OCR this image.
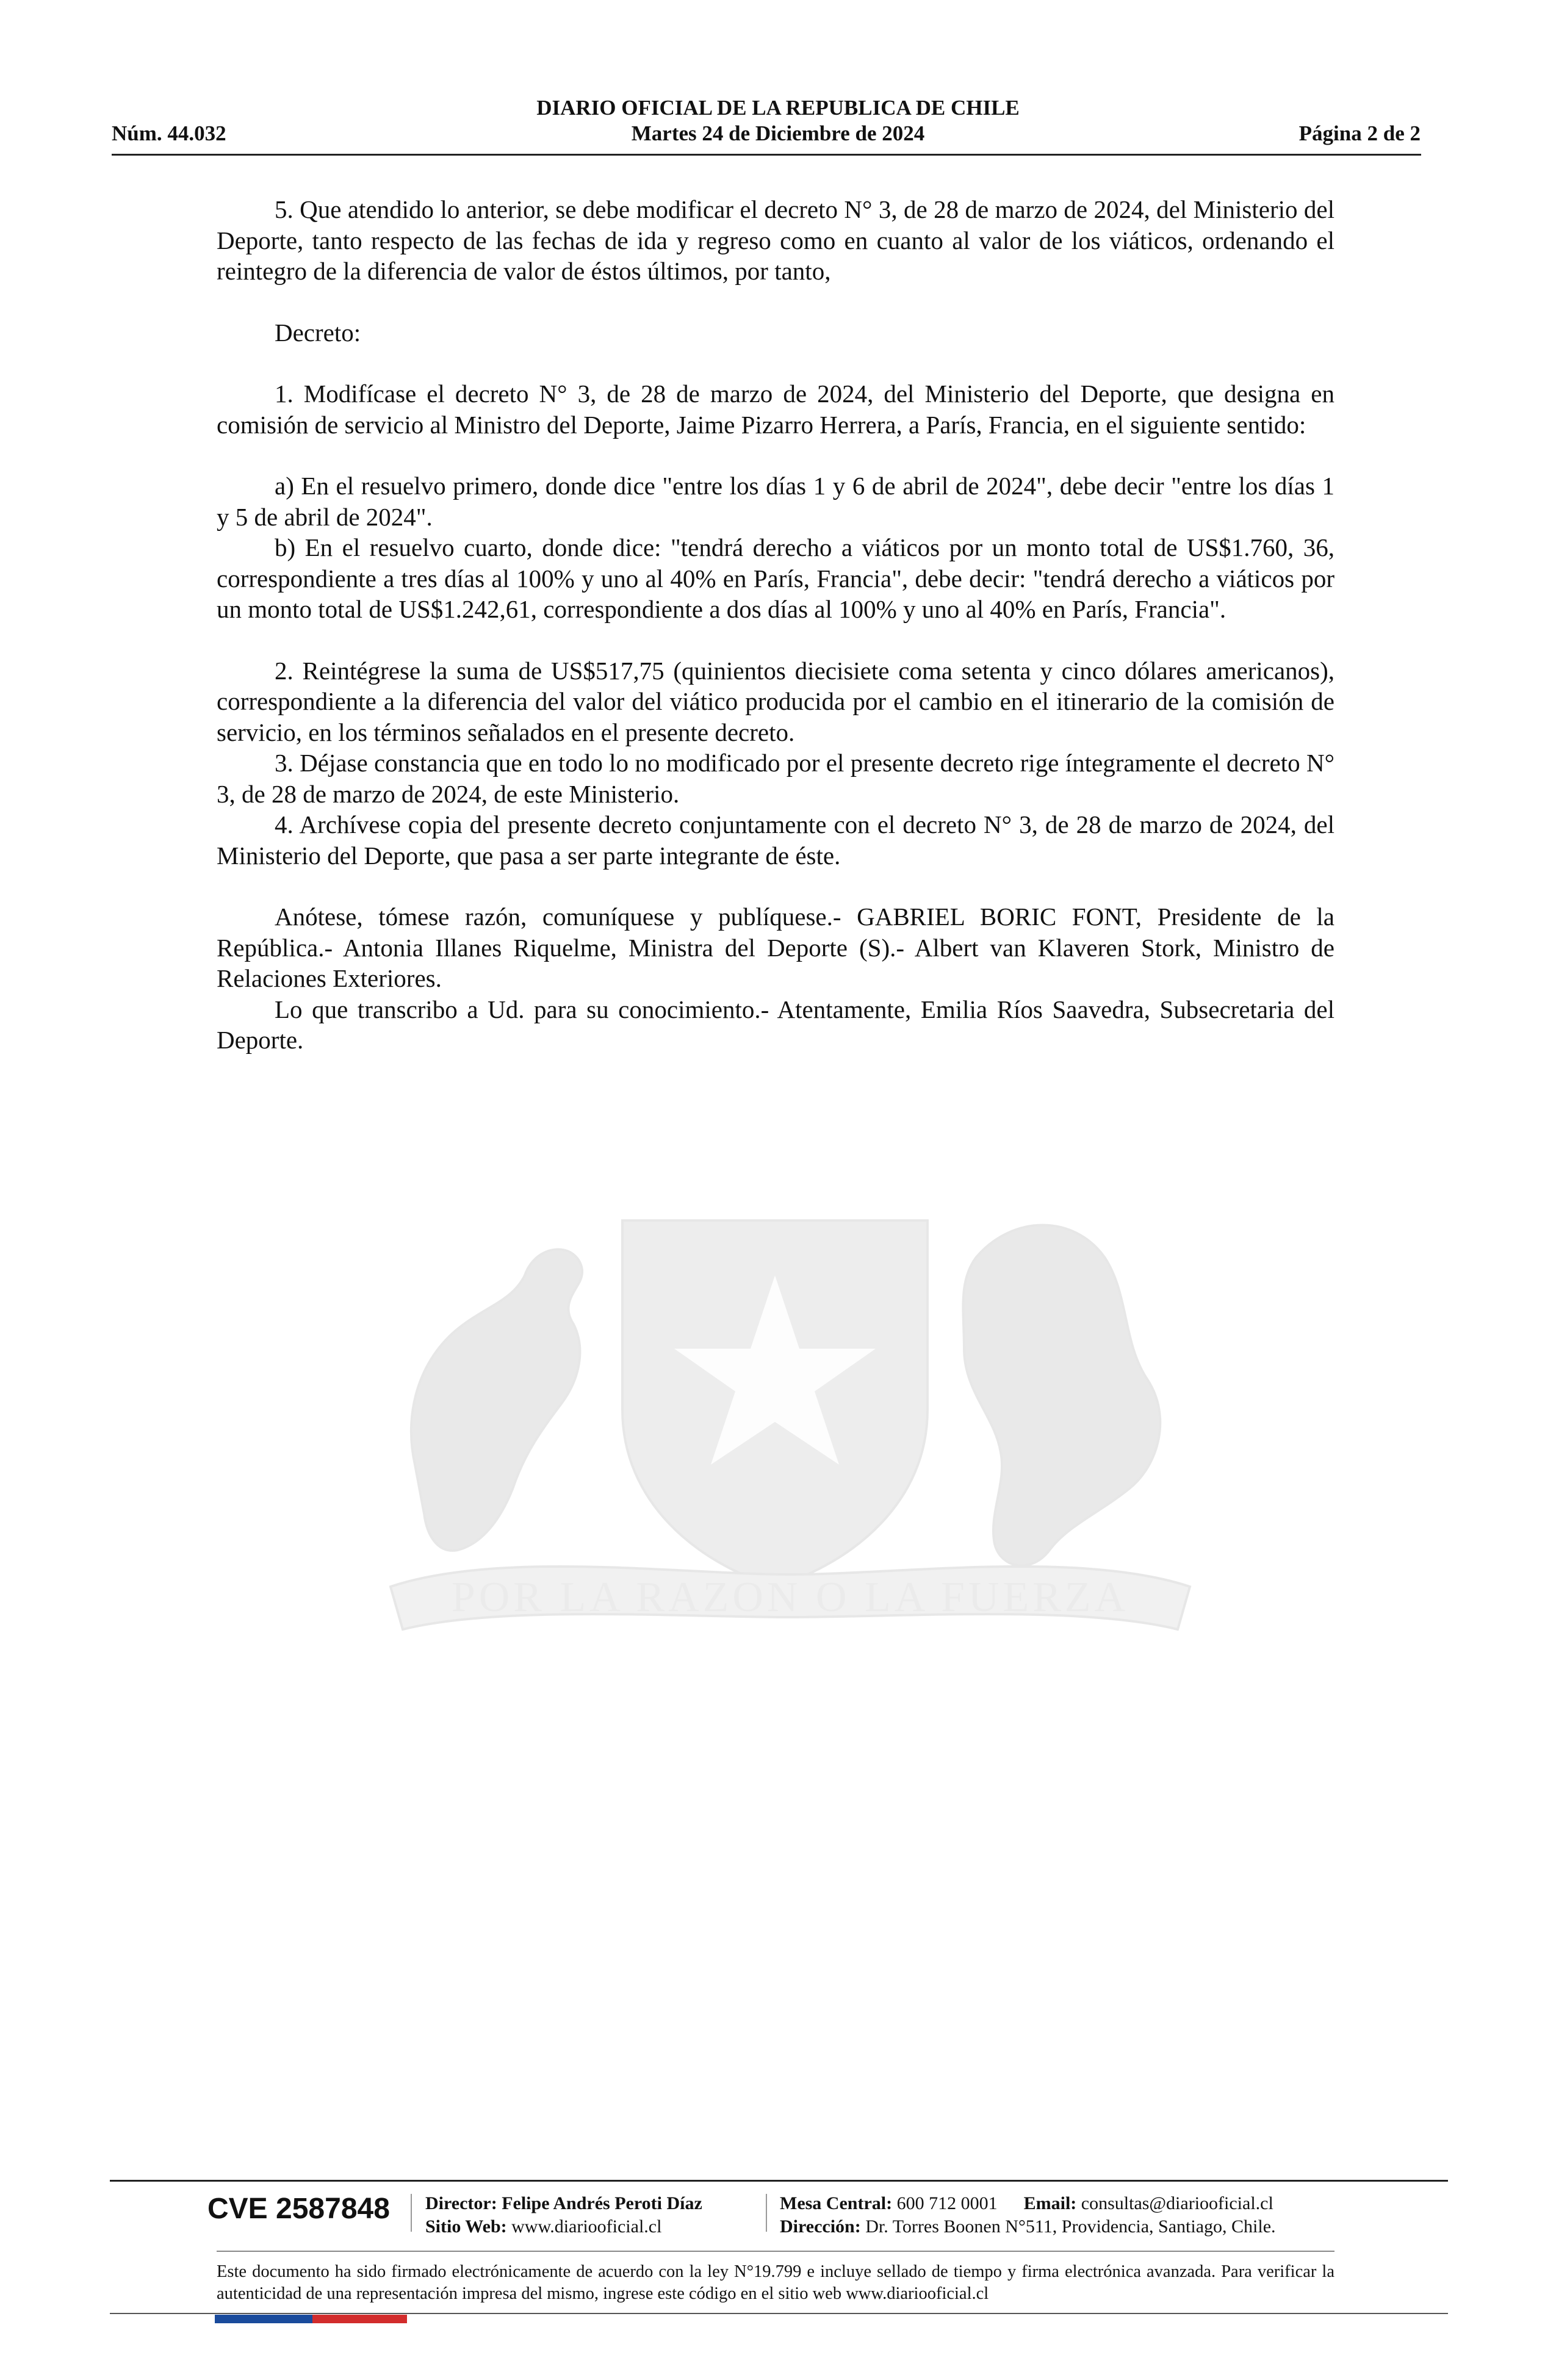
DIARIO OFICIAL DE LA REPUBLICA DE CHILE
Núm. 44.032	Martes 24 de Diciembre de 2024	Página 2 de 2
POR LA RAZON O LA FUERZA

5. Que atendido lo anterior, se debe modificar el decreto N° 3, de 28 de marzo de 2024, del Ministerio del Deporte, tanto respecto de las fechas de ida y regreso como en cuanto al valor de los viáticos, ordenando el reintegro de la diferencia de valor de éstos últimos, por tanto,

Decreto:

1. Modifícase el decreto N° 3, de 28 de marzo de 2024, del Ministerio del Deporte, que designa en comisión de servicio al Ministro del Deporte, Jaime Pizarro Herrera, a París, Francia, en el siguiente sentido:

a) En el resuelvo primero, donde dice "entre los días 1 y 6 de abril de 2024", debe decir "entre los días 1 y 5 de abril de 2024".

b) En el resuelvo cuarto, donde dice: "tendrá derecho a viáticos por un monto total de US$1.760, 36, correspondiente a tres días al 100% y uno al 40% en París, Francia", debe decir: "tendrá derecho a viáticos por un monto total de US$1.242,61, correspondiente a dos días al 100% y uno al 40% en París, Francia".

2. Reintégrese la suma de US$517,75 (quinientos diecisiete coma setenta y cinco dólares americanos), correspondiente a la diferencia del valor del viático producida por el cambio en el itinerario de la comisión de servicio, en los términos señalados en el presente decreto.

3. Déjase constancia que en todo lo no modificado por el presente decreto rige íntegramente el decreto N° 3, de 28 de marzo de 2024, de este Ministerio.

4. Archívese copia del presente decreto conjuntamente con el decreto N° 3, de 28 de marzo de 2024, del Ministerio del Deporte, que pasa a ser parte integrante de éste.

Anótese, tómese razón, comuníquese y publíquese.- GABRIEL BORIC FONT, Presidente de la República.- Antonia Illanes Riquelme, Ministra del Deporte (S).- Albert van Klaveren Stork, Ministro de Relaciones Exteriores.

Lo que transcribo a Ud. para su conocimiento.- Atentamente, Emilia Ríos Saavedra, Subsecretaria del Deporte.

CVE 2587848 Director: Felipe Andrés Peroti Díaz
Sitio Web: www.diariooficial.cl
Mesa Central: 600 712 0001 Email: consultas@diariooficial.cl
Dirección: Dr. Torres Boonen N°511, Providencia, Santiago, Chile.
Este documento ha sido firmado electrónicamente de acuerdo con la ley N°19.799 e incluye sellado de tiempo y firma electrónica avanzada. Para verificar la autenticidad de una representación impresa del mismo, ingrese este código en el sitio web www.diariooficial.cl
